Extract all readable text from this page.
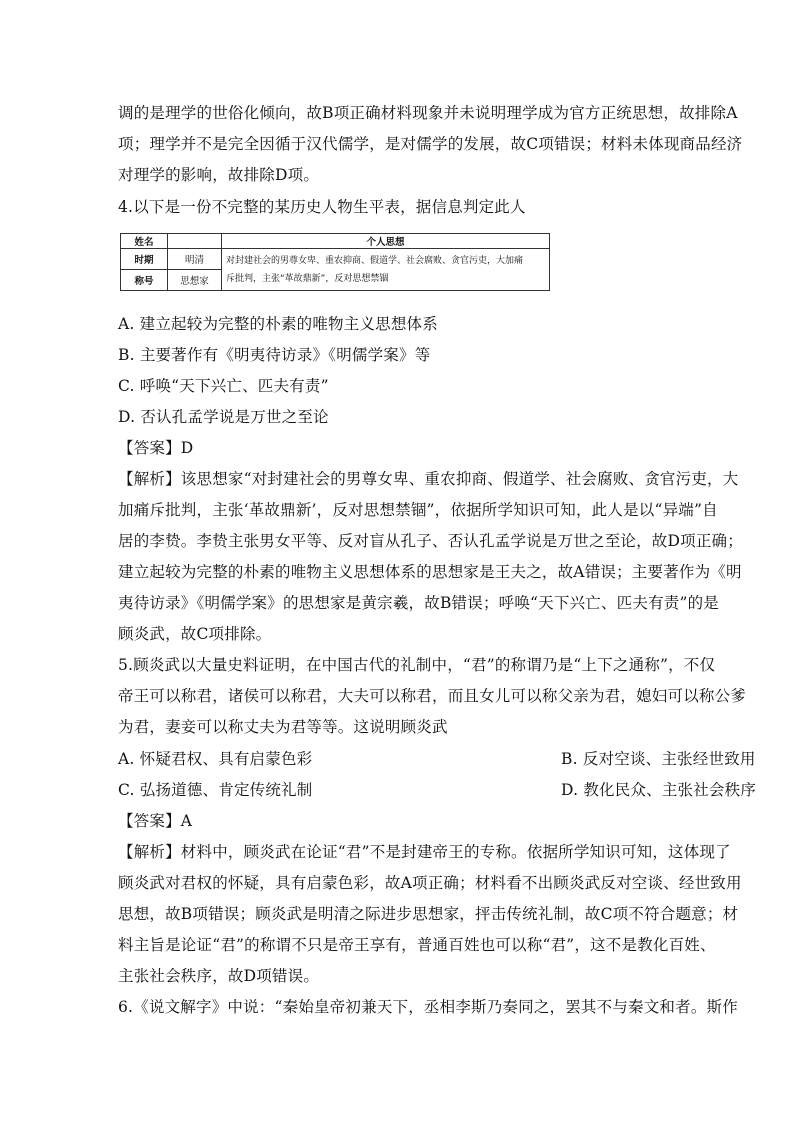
调的是理学的世俗化倾向，故B项正确材料现象并未说明理学成为官方正统思想，故排除A
项；理学并不是完全因循于汉代儒学，是对儒学的发展，故C项错误；材料未体现商品经济
对理学的影响，故排除D项。
4.以下是一份不完整的某历史人物生平表，据信息判定此人
姓名		个人思想
时期	明清	对封建社会的男尊女卑、重农抑商、假道学、社会腐败、贪官污吏，大加痛
斥批判，主张“革故鼎新”，反对思想禁锢

称号	思想家	
A. 建立起较为完整的朴素的唯物主义思想体系
B. 主要著作有《明夷待访录》《明儒学案》等
C. 呼唤“天下兴亡、匹夫有责”
D. 否认孔孟学说是万世之至论
【答案】D
【解析】该思想家“对封建社会的男尊女卑、重农抑商、假道学、社会腐败、贪官污吏，大
加痛斥批判，主张‘革故鼎新’，反对思想禁锢”，依据所学知识可知，此人是以“异端”自
居的李贽。李贽主张男女平等、反对盲从孔子、否认孔孟学说是万世之至论，故D项正确；
建立起较为完整的朴素的唯物主义思想体系的思想家是王夫之，故A错误；主要著作为《明
夷待访录》《明儒学案》的思想家是黄宗羲，故B错误；呼唤“天下兴亡、匹夫有责”的是
顾炎武，故C项排除。
5.顾炎武以大量史料证明，在中国古代的礼制中，“君”的称谓乃是“上下之通称”，不仅
帝王可以称君，诸侯可以称君，大夫可以称君，而且女儿可以称父亲为君，媳妇可以称公爹
为君，妻妾可以称丈夫为君等等。这说明顾炎武
A. 怀疑君权、具有启蒙色彩	B. 反对空谈、主张经世致用
C. 弘扬道德、肯定传统礼制	D. 教化民众、主张社会秩序
【答案】A
【解析】材料中，顾炎武在论证“君”不是封建帝王的专称。依据所学知识可知，这体现了
顾炎武对君权的怀疑，具有启蒙色彩，故A项正确；材料看不出顾炎武反对空谈、经世致用
思想，故B项错误；顾炎武是明清之际进步思想家，抨击传统礼制，故C项不符合题意；材
料主旨是论证“君”的称谓不只是帝王享有，普通百姓也可以称“君”，这不是教化百姓、
主张社会秩序，故D项错误。
6.《说文解字》中说：“秦始皇帝初兼天下，丞相李斯乃奏同之，罢其不与秦文和者。斯作
